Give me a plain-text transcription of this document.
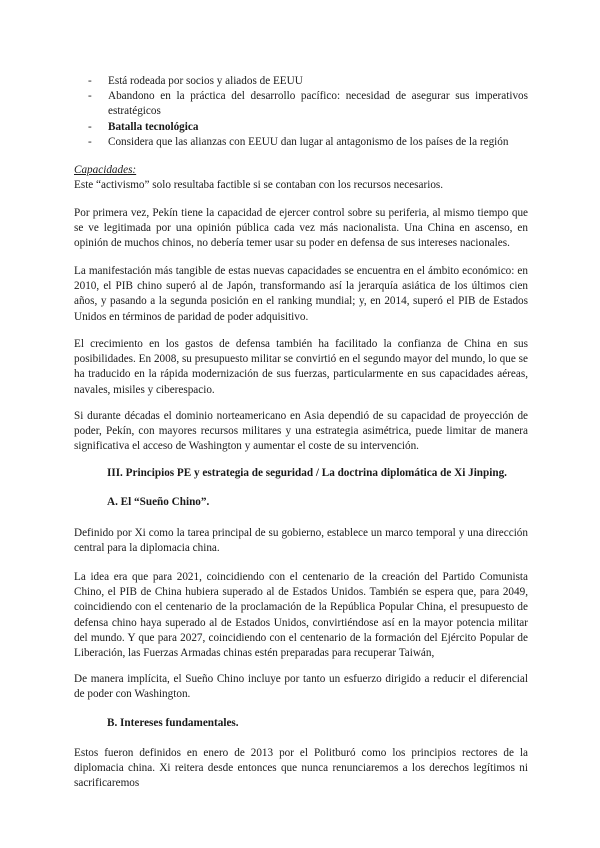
-	Está rodeada por socios y aliados de EEUU
-	Abandono en la práctica del desarrollo pacífico: necesidad de asegurar sus imperativos estratégicos
-	Batalla tecnológica
-	Considera que las alianzas con EEUU dan lugar al antagonismo de los países de la región

Capacidades:

Este “activismo” solo resultaba factible si se contaban con los recursos necesarios.

Por primera vez, Pekín tiene la capacidad de ejercer control sobre su periferia, al mismo tiempo que se ve legitimada por una opinión pública cada vez más nacionalista. Una China en ascenso, en opinión de muchos chinos, no debería temer usar su poder en defensa de sus intereses nacionales.

La manifestación más tangible de estas nuevas capacidades se encuentra en el ámbito económico: en 2010, el PIB chino superó al de Japón, transformando así la jerarquía asiática de los últimos cien años, y pasando a la segunda posición en el ranking mundial; y, en 2014, superó el PIB de Estados Unidos en términos de paridad de poder adquisitivo.

El crecimiento en los gastos de defensa también ha facilitado la confianza de China en sus posibilidades. En 2008, su presupuesto militar se convirtió en el segundo mayor del mundo, lo que se ha traducido en la rápida modernización de sus fuerzas, particularmente en sus capacidades aéreas, navales, misiles y ciberespacio.

Si durante décadas el dominio norteamericano en Asia dependió de su capacidad de proyección de poder, Pekín, con mayores recursos militares y una estrategia asimétrica, puede limitar de manera significativa el acceso de Washington y aumentar el coste de su intervención.

III. Principios PE y estrategia de seguridad / La doctrina diplomática de Xi Jinping.

A. El “Sueño Chino”.

Definido por Xi como la tarea principal de su gobierno, establece un marco temporal y una dirección central para la diplomacia china.

La idea era que para 2021, coincidiendo con el centenario de la creación del Partido Comunista Chino, el PIB de China hubiera superado al de Estados Unidos. También se espera que, para 2049, coincidiendo con el centenario de la proclamación de la República Popular China, el presupuesto de defensa chino haya superado al de Estados Unidos, convirtiéndose así en la mayor potencia militar del mundo. Y que para 2027, coincidiendo con el centenario de la formación del Ejército Popular de Liberación, las Fuerzas Armadas chinas estén preparadas para recuperar Taiwán,

De manera implícita, el Sueño Chino incluye por tanto un esfuerzo dirigido a reducir el diferencial de poder con Washington.

B. Intereses fundamentales.

Estos fueron definidos en enero de 2013 por el Politburó como los principios rectores de la diplomacia china. Xi reitera desde entonces que nunca renunciaremos a los derechos legítimos ni sacrificaremos
